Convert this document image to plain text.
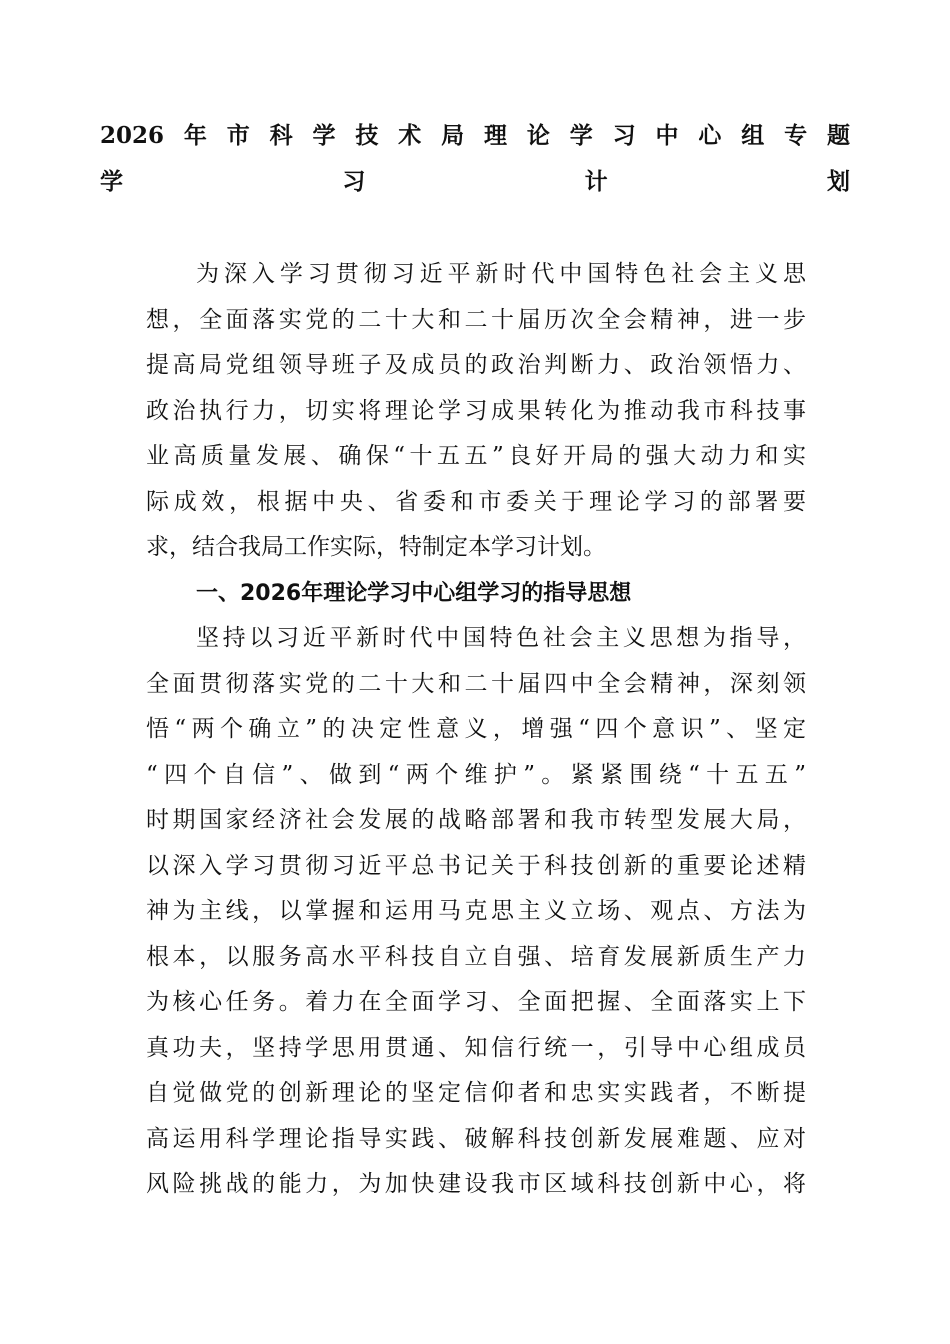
2026年市科学技术局理论学习中心组专题
学习计划
为深入学习贯彻习近平新时代中国特色社会主义思
想，全面落实党的二十大和二十届历次全会精神，进一步
提高局党组领导班子及成员的政治判断力、政治领悟力、
政治执行力，切实将理论学习成果转化为推动我市科技事
业高质量发展、确保“十五五”良好开局的强大动力和实
际成效，根据中央、省委和市委关于理论学习的部署要
求，结合我局工作实际，特制定本学习计划。
一、2026年理论学习中心组学习的指导思想
坚持以习近平新时代中国特色社会主义思想为指导，
全面贯彻落实党的二十大和二十届四中全会精神，深刻领
悟“两个确立”的决定性意义，增强“四个意识”、坚定
“四个自信”、做到“两个维护”。紧紧围绕“十五五”
时期国家经济社会发展的战略部署和我市转型发展大局，
以深入学习贯彻习近平总书记关于科技创新的重要论述精
神为主线，以掌握和运用马克思主义立场、观点、方法为
根本，以服务高水平科技自立自强、培育发展新质生产力
为核心任务。着力在全面学习、全面把握、全面落实上下
真功夫，坚持学思用贯通、知信行统一，引导中心组成员
自觉做党的创新理论的坚定信仰者和忠实实践者，不断提
高运用科学理论指导实践、破解科技创新发展难题、应对
风险挑战的能力，为加快建设我市区域科技创新中心，将
